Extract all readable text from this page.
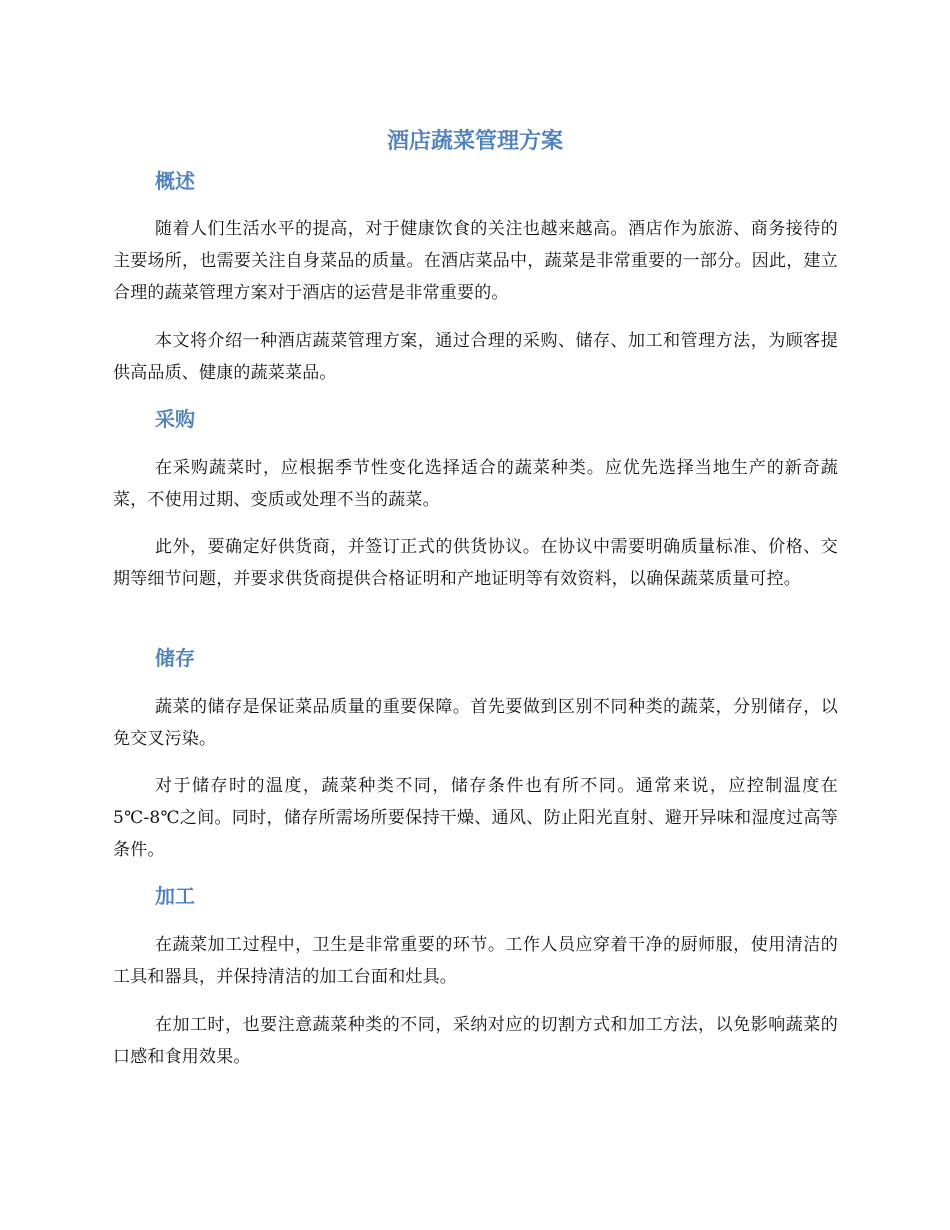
酒店蔬菜管理方案
概述

随着人们生活水平的提高，对于健康饮食的关注也越来越高。酒店作为旅游、商务接待的主要场所，也需要关注自身菜品的质量。在酒店菜品中，蔬菜是非常重要的一部分。因此，建立合理的蔬菜管理方案对于酒店的运营是非常重要的。

本文将介绍一种酒店蔬菜管理方案，通过合理的采购、储存、加工和管理方法，为顾客提供高品质、健康的蔬菜菜品。

采购

在采购蔬菜时，应根据季节性变化选择适合的蔬菜种类。应优先选择当地生产的新奇蔬菜，不使用过期、变质或处理不当的蔬菜。

此外，要确定好供货商，并签订正式的供货协议。在协议中需要明确质量标准、价格、交期等细节问题，并要求供货商提供合格证明和产地证明等有效资料，以确保蔬菜质量可控。

储存

蔬菜的储存是保证菜品质量的重要保障。首先要做到区别不同种类的蔬菜，分别储存，以免交叉污染。

对于储存时的温度，蔬菜种类不同，储存条件也有所不同。通常来说，应控制温度在5℃-8℃之间。同时，储存所需场所要保持干燥、通风、防止阳光直射、避开异味和湿度过高等条件。

加工

在蔬菜加工过程中，卫生是非常重要的环节。工作人员应穿着干净的厨师服，使用清洁的工具和器具，并保持清洁的加工台面和灶具。

在加工时，也要注意蔬菜种类的不同，采纳对应的切割方式和加工方法，以免影响蔬菜的口感和食用效果。
